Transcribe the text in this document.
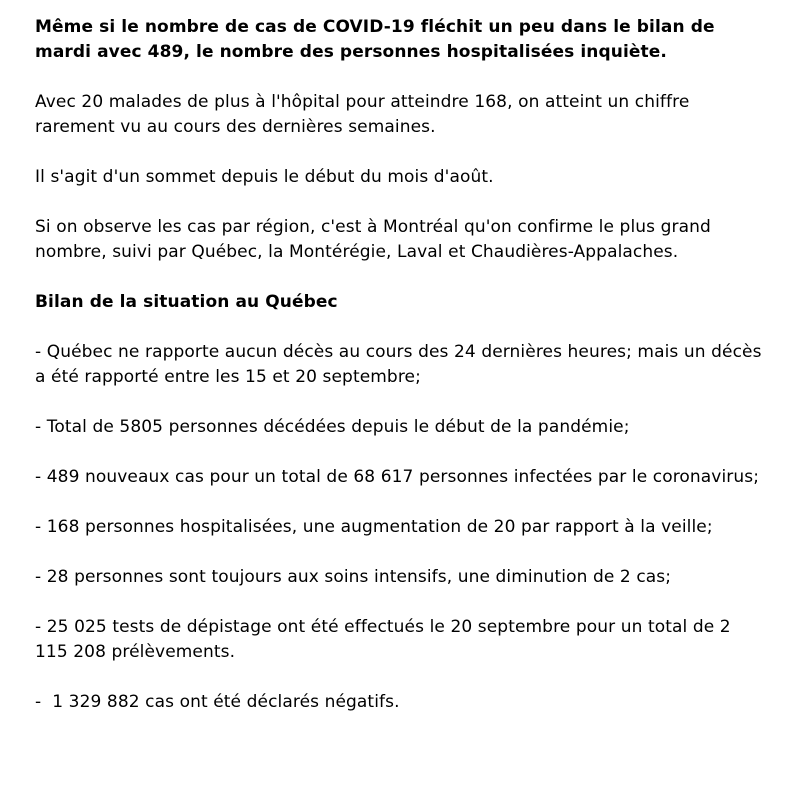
Même si le nombre de cas de COVID-19 fléchit un peu dans le bilan de mardi avec 489, le nombre des personnes hospitalisées inquiète.

Avec 20 malades de plus à l'hôpital pour atteindre 168, on atteint un chiffre rarement vu au cours des dernières semaines.

Il s'agit d'un sommet depuis le début du mois d'août.

Si on observe les cas par région, c'est à Montréal qu'on confirme le plus grand nombre, suivi par Québec, la Montérégie, Laval et Chaudières-Appalaches.

Bilan de la situation au Québec

- Québec ne rapporte aucun décès au cours des 24 dernières heures; mais un décès a été rapporté entre les 15 et 20 septembre;

- Total de 5805 personnes décédées depuis le début de la pandémie;

- 489 nouveaux cas pour un total de 68 617 personnes infectées par le coronavirus;

- 168 personnes hospitalisées, une augmentation de 20 par rapport à la veille;

- 28 personnes sont toujours aux soins intensifs, une diminution de 2 cas;

- 25 025 tests de dépistage ont été effectués le 20 septembre pour un total de 2 115 208 prélèvements.

-  1 329 882 cas ont été déclarés négatifs.
